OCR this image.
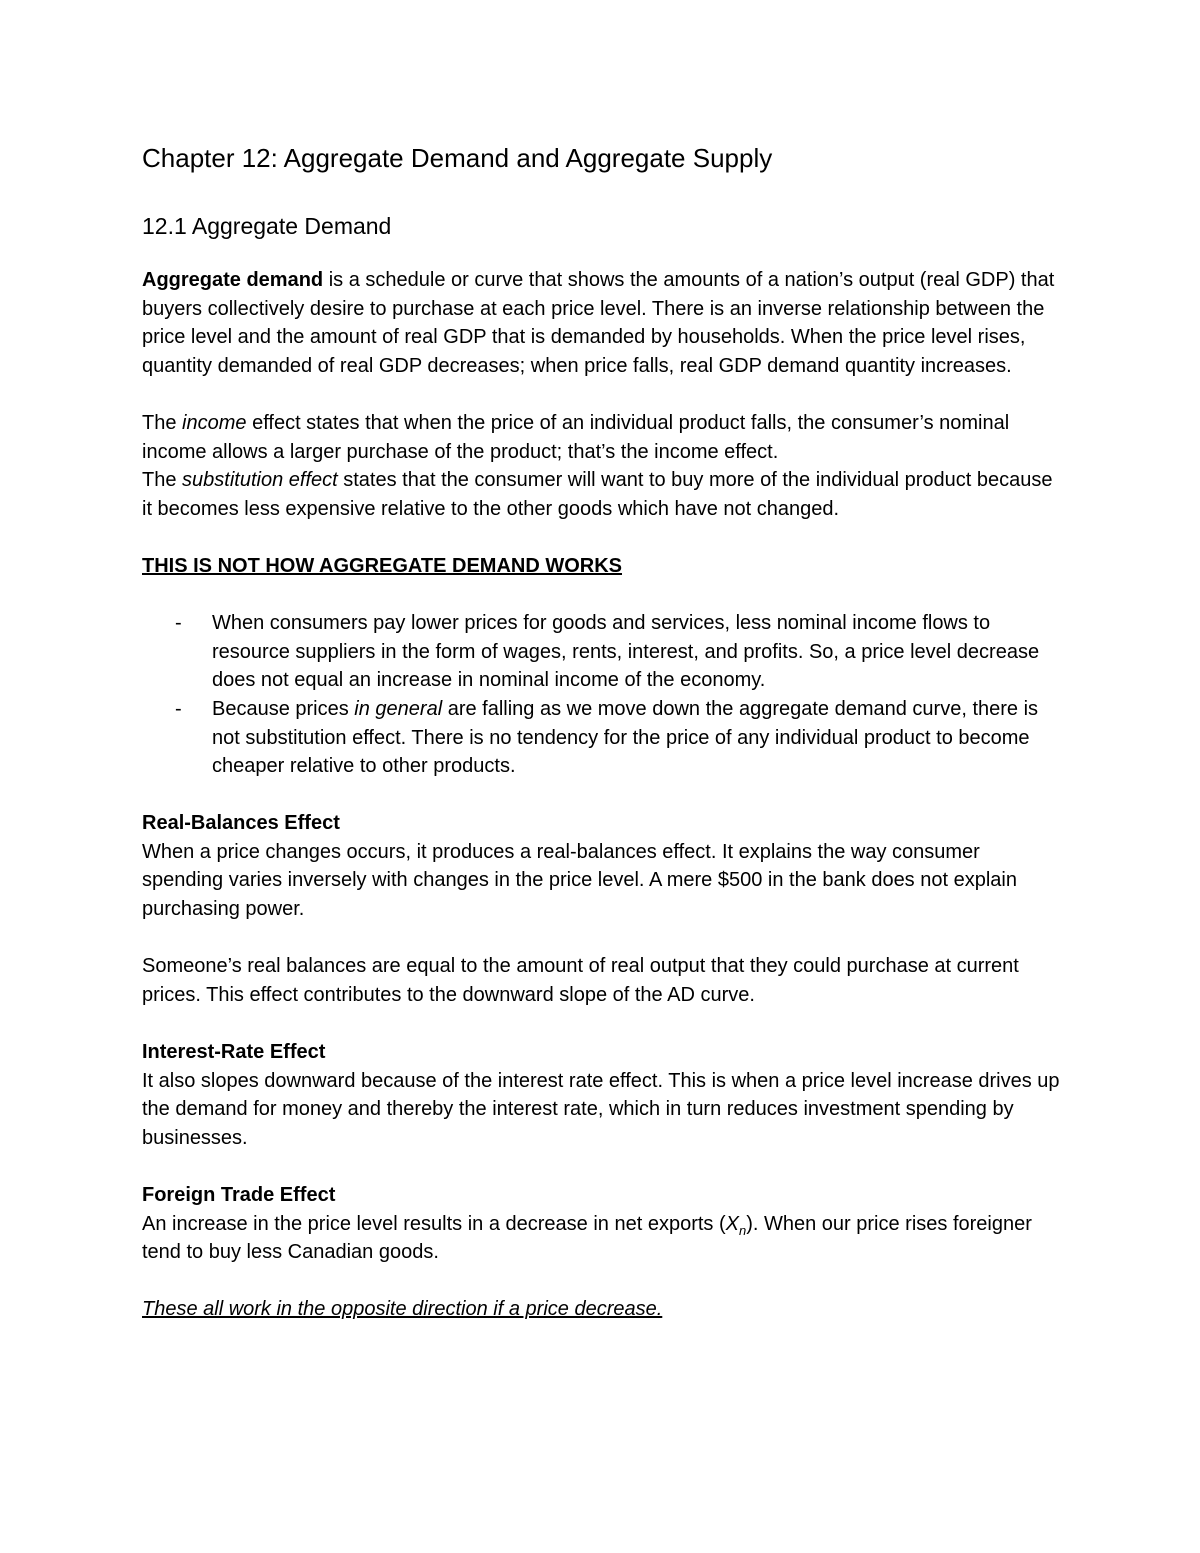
Chapter 12: Aggregate Demand and Aggregate Supply
12.1 Aggregate Demand

Aggregate demand is a schedule or curve that shows the amounts of a nation’s output (real GDP) that buyers collectively desire to purchase at each price level. There is an inverse relationship between the price level and the amount of real GDP that is demanded by households. When the price level rises, quantity demanded of real GDP decreases; when price falls, real GDP demand quantity increases.

The income effect states that when the price of an individual product falls, the consumer’s nominal income allows a larger purchase of the product; that’s the income effect.

The substitution effect states that the consumer will want to buy more of the individual product because it becomes less expensive relative to the other goods which have not changed.

THIS IS NOT HOW AGGREGATE DEMAND WORKS

- When consumers pay lower prices for goods and services, less nominal income flows to resource suppliers in the form of wages, rents, interest, and profits. So, a price level decrease does not equal an increase in nominal income of the economy.
- Because prices in general are falling as we move down the aggregate demand curve, there is not substitution effect. There is no tendency for the price of any individual product to become cheaper relative to other products.

Real-Balances Effect

When a price changes occurs, it produces a real-balances effect. It explains the way consumer spending varies inversely with changes in the price level. A mere $500 in the bank does not explain purchasing power.

Someone’s real balances are equal to the amount of real output that they could purchase at current prices. This effect contributes to the downward slope of the AD curve.

Interest-Rate Effect

It also slopes downward because of the interest rate effect. This is when a price level increase drives up the demand for money and thereby the interest rate, which in turn reduces investment spending by businesses.

Foreign Trade Effect

An increase in the price level results in a decrease in net exports $(X_n)$. When our price rises foreigner tend to buy less Canadian goods.

These all work in the opposite direction if a price decrease.
